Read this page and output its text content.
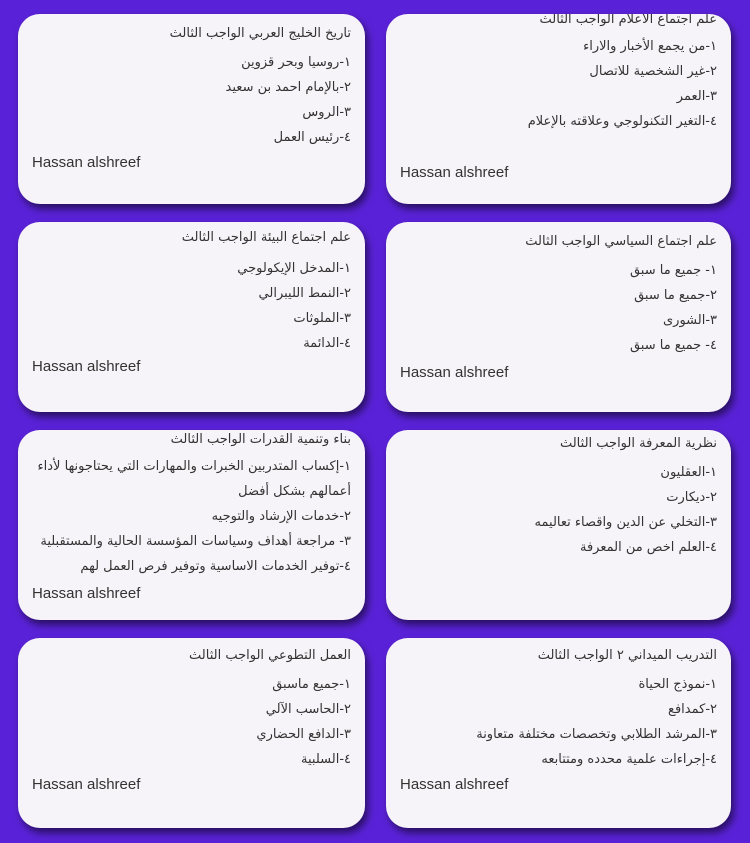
تاريخ الخليج العربي الواجب الثالث
١-روسيا وبحر قزوين
٢-بالإمام احمد بن سعيد
٣-الروس
٤-رئيس العمل
Hassan alshreef
علم اجتماع الاعلام الواجب الثالث
١-من يجمع الأخبار والاراء
٢-غير الشخصية للاتصال
٣-العمر
٤-التغير التكنولوجي وعلاقته بالإعلام
Hassan alshreef
علم اجتماع البيئة الواجب الثالث
١-المدخل الإيكولوجي
٢-النمط الليبرالي
٣-الملوثات
٤-الدائمة
Hassan alshreef
علم اجتماع السياسي الواجب الثالث
١- جميع ما سبق
٢-جميع ما سبق
٣-الشورى
٤- جميع ما سبق
Hassan alshreef
بناء وتنمية القدرات الواجب الثالث
١-إكساب المتدربين الخبرات والمهارات التي يحتاجونها لأداء أعمالهم بشكل أفضل
٢-خدمات الإرشاد والتوجيه
٣- مراجعة أهداف وسياسات المؤسسة الحالية والمستقبلية
٤-توفير الخدمات الاساسية وتوفير فرص العمل لهم
Hassan alshreef
نظرية المعرفة الواجب الثالث
١-العقليون
٢-ديكارت
٣-التخلي عن الدين واقصاء تعاليمه
٤-العلم اخص من المعرفة
العمل التطوعي الواجب الثالث
١-جميع ماسبق
٢-الحاسب الآلي
٣-الدافع الحضاري
٤-السلبية
Hassan alshreef
التدريب الميداني ٢ الواجب الثالث
١-نموذج الحياة
٢-كمدافع
٣-المرشد الطلابي وتخصصات مختلفة متعاونة
٤-إجراءات علمية محدده ومتتابعه
Hassan alshreef
